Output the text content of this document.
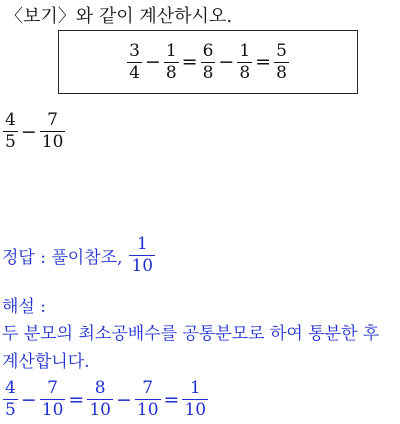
〈보기〉와 같이 계산하시오.
$\frac{3}{4} - \frac{1}{8} = \frac{6}{8} - \frac{1}{8} = \frac{5}{8}$
$\frac{4}{5} - \frac{7}{10}$
정답 : 풀이참조, $\frac{1}{10}$
해설 :
두 분모의 최소공배수를 공통분모로 하여 통분한 후 계산합니다.
$\frac{4}{5} - \frac{7}{10} = \frac{8}{10} - \frac{7}{10} = \frac{1}{10}$
